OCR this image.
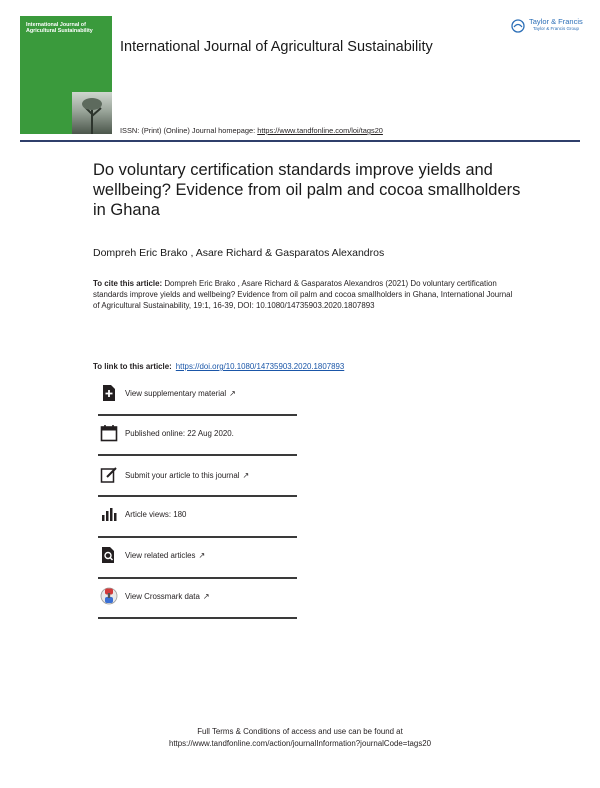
International Journal of Agricultural Sustainability
International Journal of Agricultural Sustainability
Taylor & Francis
Taylor & Francis Group
ISSN: (Print) (Online) Journal homepage: https://www.tandfonline.com/loi/tags20
Do voluntary certification standards improve yields and wellbeing? Evidence from oil palm and cocoa smallholders in Ghana
Dompreh Eric Brako , Asare Richard & Gasparatos Alexandros
To cite this article: Dompreh Eric Brako , Asare Richard & Gasparatos Alexandros (2021) Do voluntary certification standards improve yields and wellbeing? Evidence from oil palm and cocoa smallholders in Ghana, International Journal of Agricultural Sustainability, 19:1, 16-39, DOI: 10.1080/14735903.2020.1807893
To link to this article: https://doi.org/10.1080/14735903.2020.1807893
View supplementary material ↗
Published online: 22 Aug 2020.
Submit your article to this journal ↗
Article views: 180
View related articles ↗
View Crossmark data ↗
Full Terms & Conditions of access and use can be found at
https://www.tandfonline.com/action/journalInformation?journalCode=tags20
